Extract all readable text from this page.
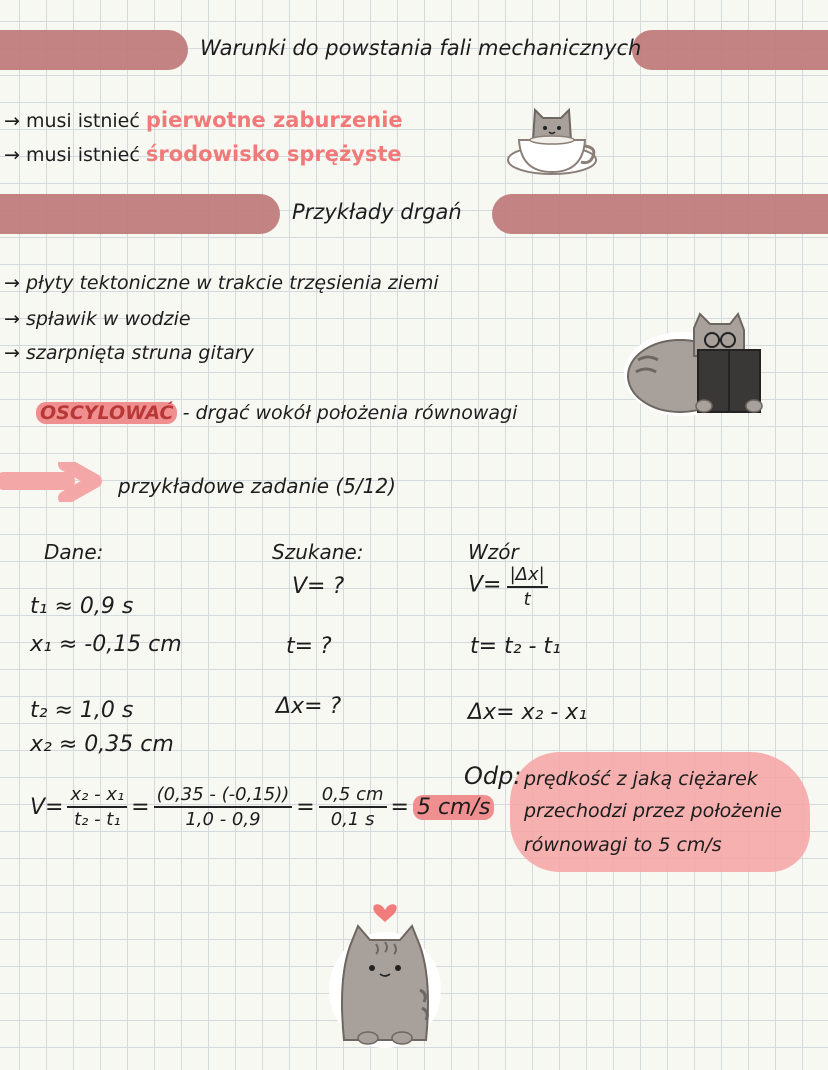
Warunki do powstania fali mechanicznych
→ musi istnieć pierwotne zaburzenie
→ musi istnieć środowisko sprężyste
Przykłady drgań
→ płyty tektoniczne w trakcie trzęsienia ziemi
→ spławik w wodzie
→ szarpnięta struna gitary
OSCYLOWAĆ - drgać wokół położenia równowagi
przykładowe zadanie (5/12)
Dane:	Szukane:	Wzór
t₁ ≈ 0,9 s
x₁ ≈ -0,15 cm
t₂ ≈ 1,0 s
x₂ ≈ 0,35 cm
V= ?
t= ?
Δx= ?
$V= \frac{|\Delta x|}{t}$
t= t₂ - t₁
Δx= x₂ - x₁
$V= \frac{\text{x₂ - x₁}}{\text{t₂ - t₁}} = \frac{(0,35 - (-0,15))}{1,0 - 0,9} = \frac{0,5 cm}{0,1 s} = 5$ cm/s
Odp: prędkość z jaką ciężarek
przechodzi przez położenie
równowagi to 5 cm/s
